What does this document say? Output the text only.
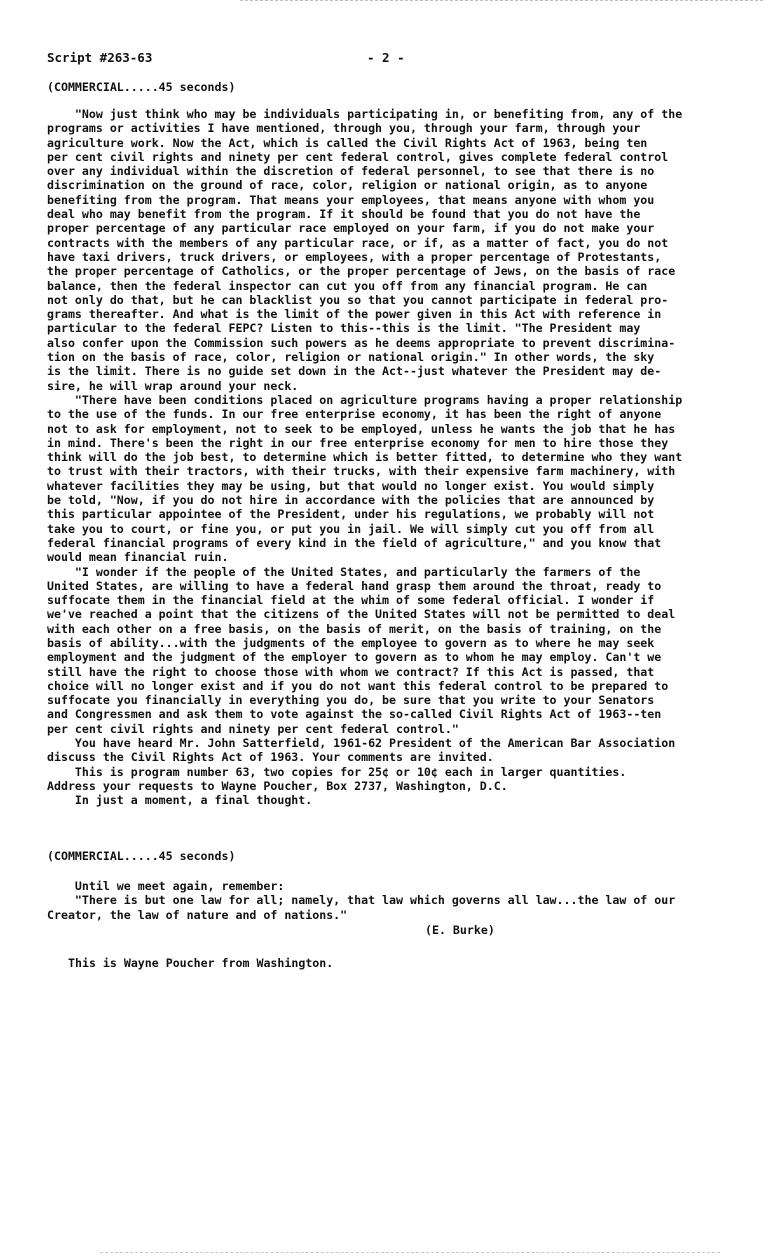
Script #263-63	- 2 -
(COMMERCIAL.....45 seconds)
"Now just think who may be individuals participating in, or benefiting from, any of the
programs or activities I have mentioned, through you, through your farm, through your
agriculture work. Now the Act, which is called the Civil Rights Act of 1963, being ten
per cent civil rights and ninety per cent federal control, gives complete federal control
over any individual within the discretion of federal personnel, to see that there is no
discrimination on the ground of race, color, religion or national origin, as to anyone
benefiting from the program. That means your employees, that means anyone with whom you
deal who may benefit from the program. If it should be found that you do not have the
proper percentage of any particular race employed on your farm, if you do not make your
contracts with the members of any particular race, or if, as a matter of fact, you do not
have taxi drivers, truck drivers, or employees, with a proper percentage of Protestants,
the proper percentage of Catholics, or the proper percentage of Jews, on the basis of race
balance, then the federal inspector can cut you off from any financial program. He can
not only do that, but he can blacklist you so that you cannot participate in federal pro-
grams thereafter. And what is the limit of the power given in this Act with reference in
particular to the federal FEPC? Listen to this--this is the limit. "The President may
also confer upon the Commission such powers as he deems appropriate to prevent discrimina-
tion on the basis of race, color, religion or national origin." In other words, the sky
is the limit. There is no guide set down in the Act--just whatever the President may de-
sire, he will wrap around your neck.
"There have been conditions placed on agriculture programs having a proper relationship
to the use of the funds. In our free enterprise economy, it has been the right of anyone
not to ask for employment, not to seek to be employed, unless he wants the job that he has
in mind. There's been the right in our free enterprise economy for men to hire those they
think will do the job best, to determine which is better fitted, to determine who they want
to trust with their tractors, with their trucks, with their expensive farm machinery, with
whatever facilities they may be using, but that would no longer exist. You would simply
be told, "Now, if you do not hire in accordance with the policies that are announced by
this particular appointee of the President, under his regulations, we probably will not
take you to court, or fine you, or put you in jail. We will simply cut you off from all
federal financial programs of every kind in the field of agriculture," and you know that
would mean financial ruin.
"I wonder if the people of the United States, and particularly the farmers of the
United States, are willing to have a federal hand grasp them around the throat, ready to
suffocate them in the financial field at the whim of some federal official. I wonder if
we've reached a point that the citizens of the United States will not be permitted to deal
with each other on a free basis, on the basis of merit, on the basis of training, on the
basis of ability...with the judgments of the employee to govern as to where he may seek
employment and the judgment of the employer to govern as to whom he may employ. Can't we
still have the right to choose those with whom we contract? If this Act is passed, that
choice will no longer exist and if you do not want this federal control to be prepared to
suffocate you financially in everything you do, be sure that you write to your Senators
and Congressmen and ask them to vote against the so-called Civil Rights Act of 1963--ten
per cent civil rights and ninety per cent federal control."
You have heard Mr. John Satterfield, 1961-62 President of the American Bar Association
discuss the Civil Rights Act of 1963. Your comments are invited.
This is program number 63, two copies for 25¢ or 10¢ each in larger quantities.
Address your requests to Wayne Poucher, Box 2737, Washington, D.C.
In just a moment, a final thought.
(COMMERCIAL.....45 seconds)
Until we meet again, remember:
"There is but one law for all; namely, that law which governs all law...the law of our
Creator, the law of nature and of nations."
(E. Burke)
This is Wayne Poucher from Washington.
